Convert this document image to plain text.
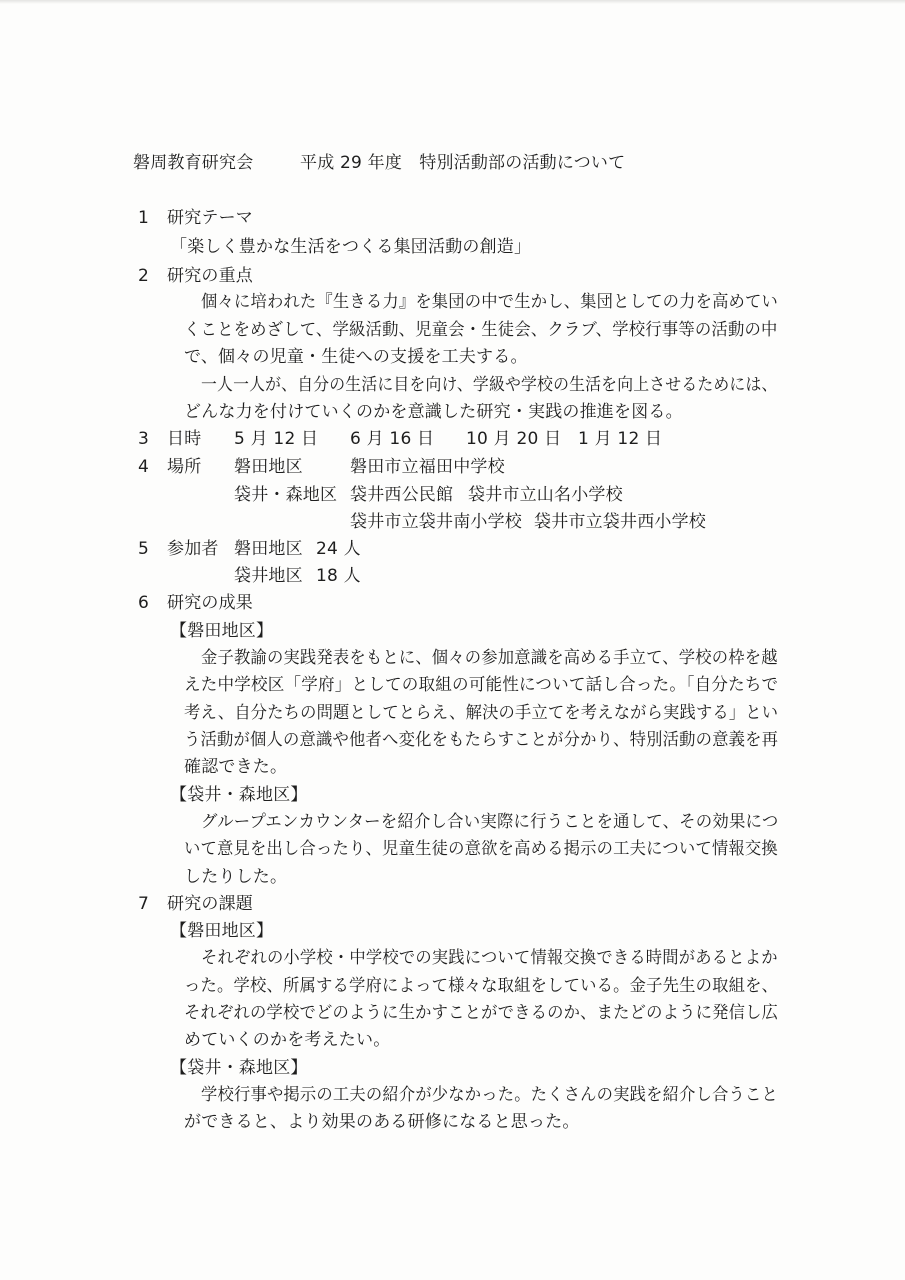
磐周教育研究会	平成 29 年度　特別活動部の活動について
1 研究テーマ
「楽しく豊かな生活をつくる集団活動の創造」
2 研究の重点
個々に培われた『生きる力』を集団の中で生かし、集団としての力を高めてい
くことをめざして、学級活動、児童会・生徒会、クラブ、学校行事等の活動の中
で、個々の児童・生徒への支援を工夫する。
一人一人が、自分の生活に目を向け、学級や学校の生活を向上させるためには、
どんな力を付けていくのかを意識した研究・実践の推進を図る。
3 日時 5 月 12 日 6 月 16 日 10 月 20 日 1 月 12 日
4 場所 磐田地区	磐田市立福田中学校
袋井・森地区 袋井西公民館 袋井市立山名小学校
袋井市立袋井南小学校 袋井市立袋井西小学校
5 参加者 磐田地区 24 人
袋井地区 18 人
6 研究の成果
【磐田地区】
金子教諭の実践発表をもとに、個々の参加意識を高める手立て、学校の枠を越
えた中学校区「学府」としての取組の可能性について話し合った。「自分たちで
考え、自分たちの問題としてとらえ、解決の手立てを考えながら実践する」とい
う活動が個人の意識や他者へ変化をもたらすことが分かり、特別活動の意義を再
確認できた。
【袋井・森地区】
グループエンカウンターを紹介し合い実際に行うことを通して、その効果につ
いて意見を出し合ったり、児童生徒の意欲を高める掲示の工夫について情報交換
したりした。
7 研究の課題
【磐田地区】
それぞれの小学校・中学校での実践について情報交換できる時間があるとよか
った。学校、所属する学府によって様々な取組をしている。金子先生の取組を、
それぞれの学校でどのように生かすことができるのか、またどのように発信し広
めていくのかを考えたい。
【袋井・森地区】
学校行事や掲示の工夫の紹介が少なかった。たくさんの実践を紹介し合うこと
ができると、より効果のある研修になると思った。
